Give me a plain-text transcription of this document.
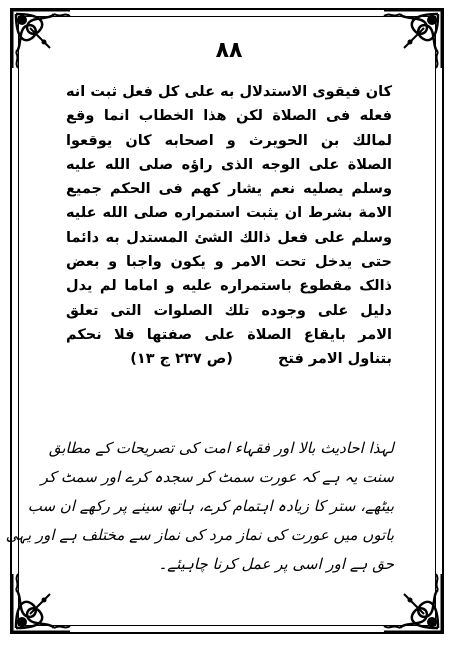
۸۸
كان فيقوى الاستدلال به على كل فعل ثبت انه
فعله فى الصلاة لكن هذا الخطاب انما وقع
لمالك بن الحويرث و اصحابه كان يوقعوا
الصلاة على الوجه الذى راؤه صلى الله عليه
وسلم يصليه نعم يشار كهم فى الحكم جميع
الامة بشرط ان يثبت استمراره صلى الله عليه
وسلم على فعل ذالك الشئ المستدل به دائما
حتى يدخل تحت الامر و يكون واجبا و بعض
ذالک مقطوع باستمراره عليه و اماما لم يدل
دليل على وجوده تلك الصلوات التى تعلق
الامر بايقاع الصلاة على صفتها فلا نحكم
بتناول الامر فتح (ص ۲۳۷ ج ۱۳)
لہذا احادیث بالا اور فقہاء امت کی تصریحات کے مطابق
سنت یہ ہے کہ عورت سمٹ کر سجدہ کرے اور سمٹ کر
بیٹھے، ستر کا زیادہ اہتمام کرے، ہاتھ سینے پر رکھے ان سب
باتوں میں عورت کی نماز مرد کی نماز سے مختلف ہے اور یہی
حق ہے اور اسی پر عمل کرنا چاہیئے۔
